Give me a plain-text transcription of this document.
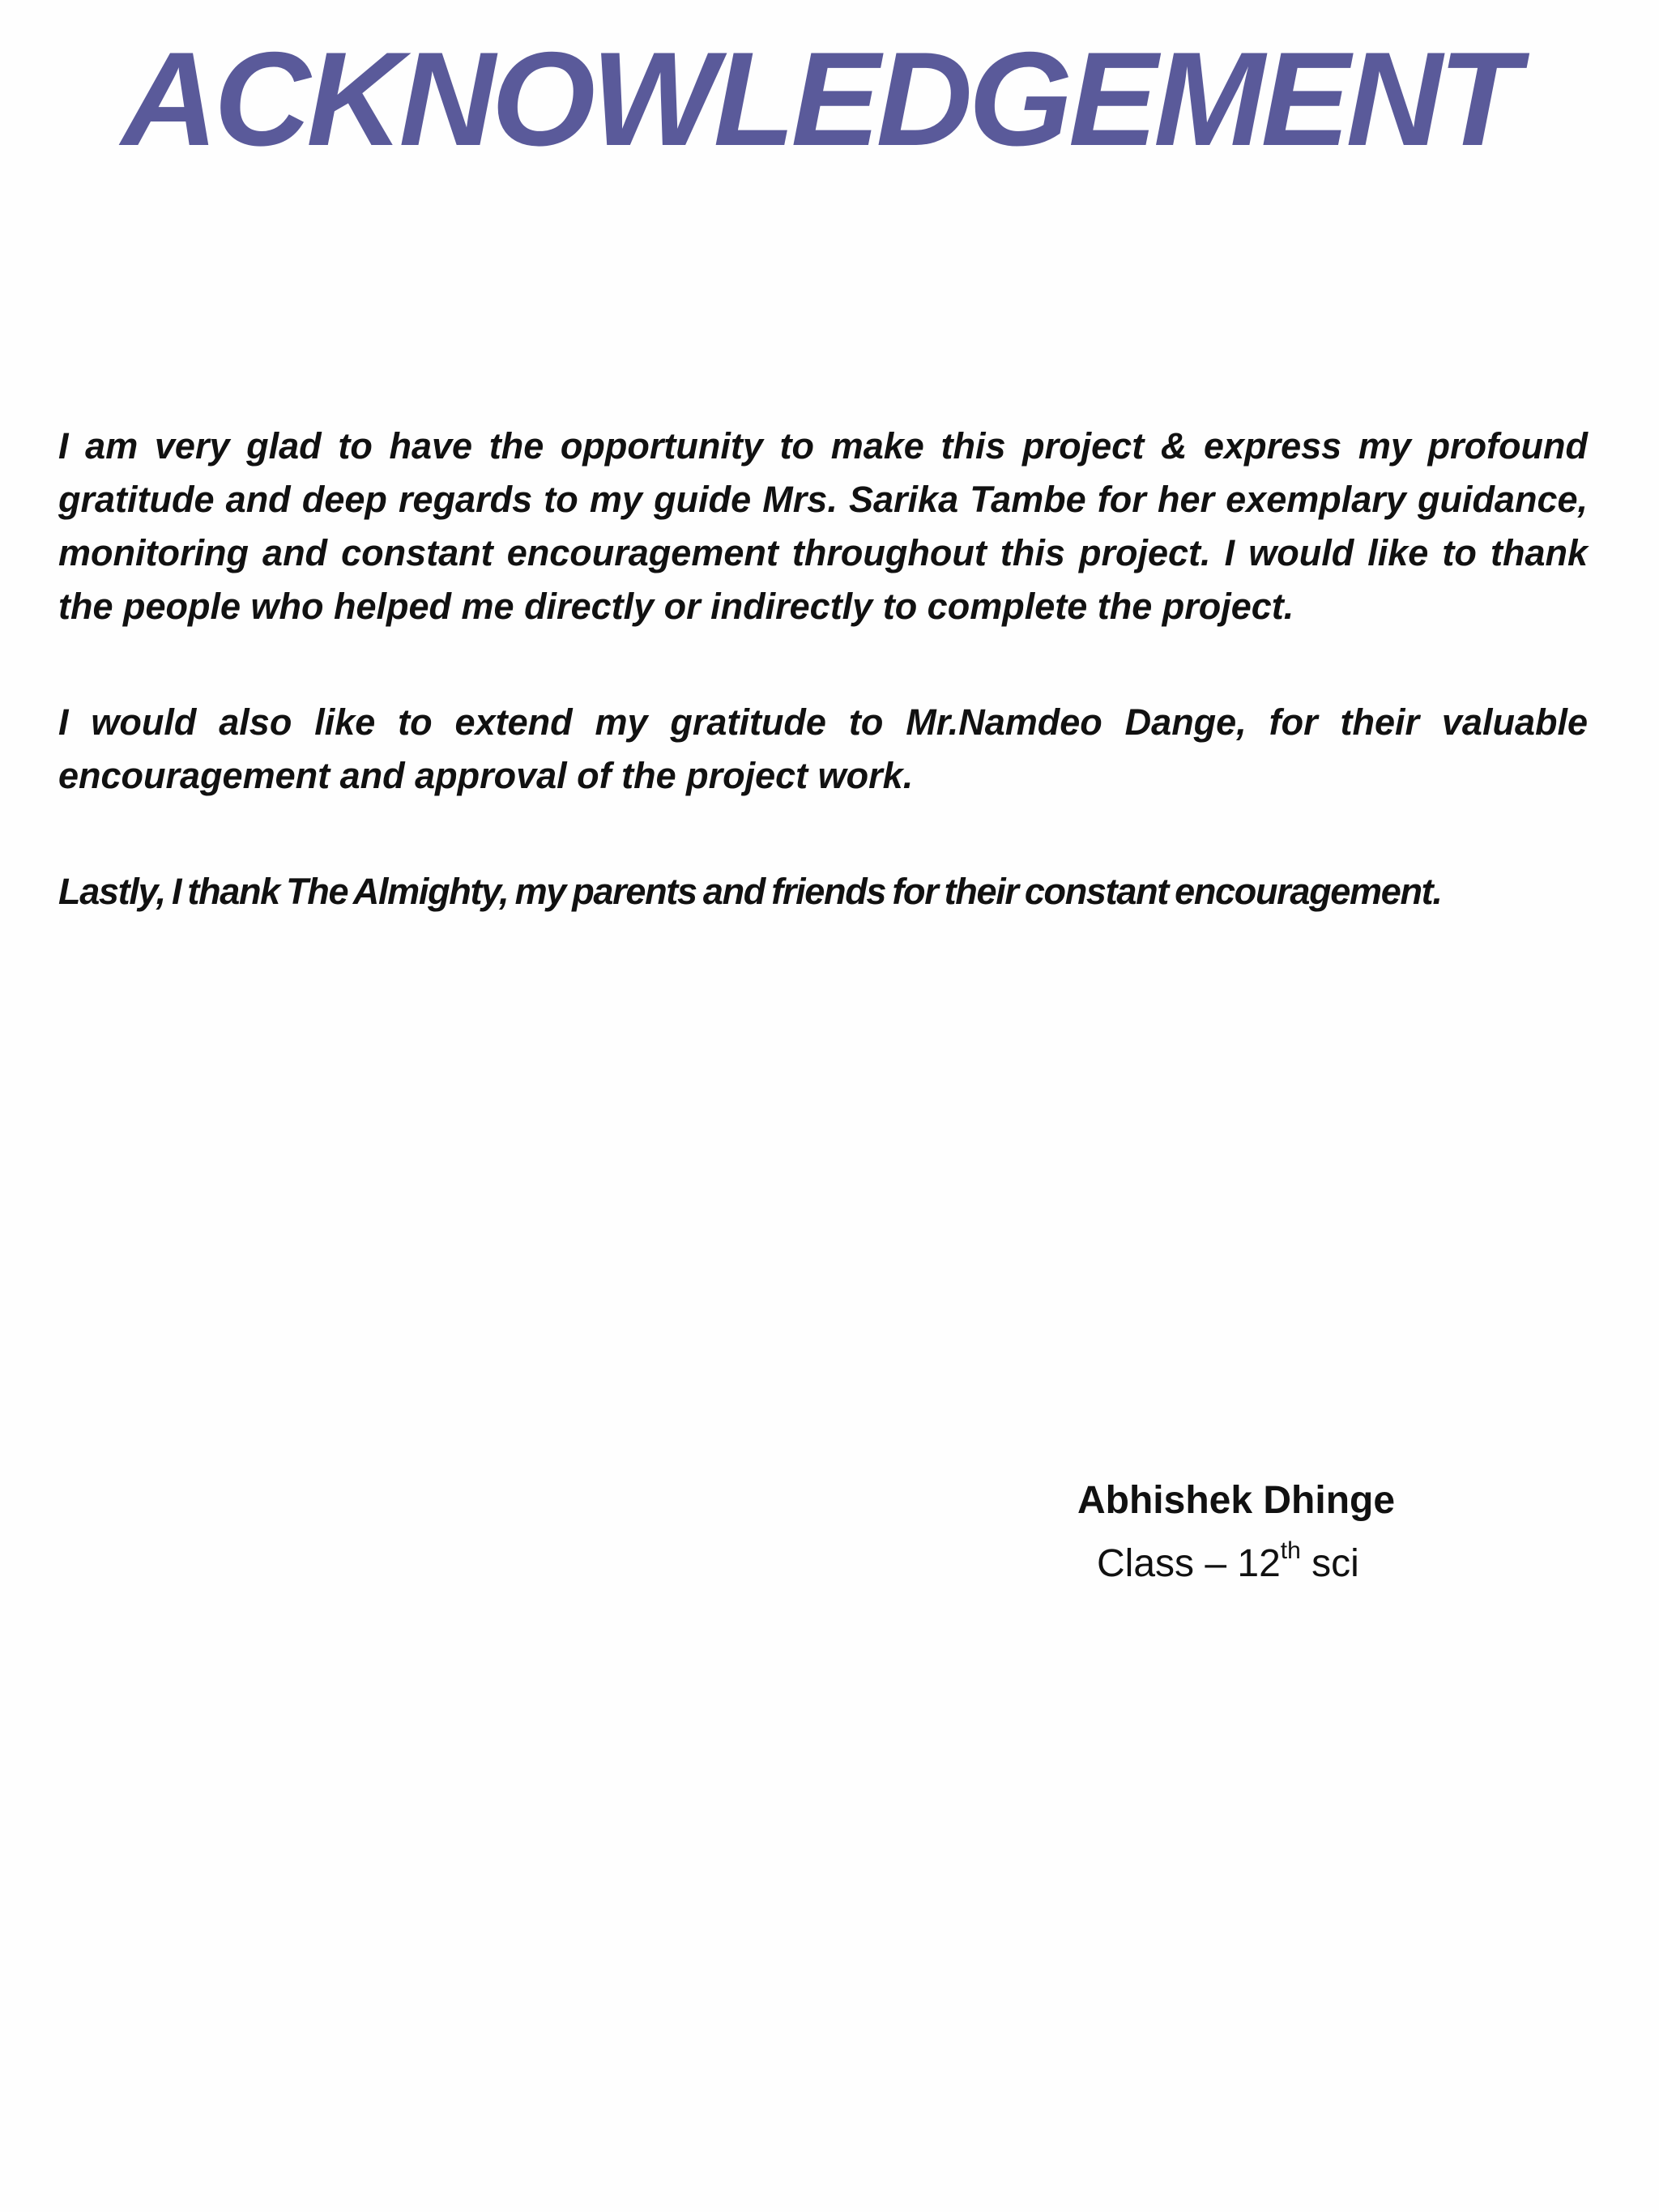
ACKNOWLEDGEMENT

I am very glad to have the opportunity to make this project & express my profound gratitude and deep regards to my guide Mrs. Sarika Tambe for her exemplary guidance, monitoring and constant encouragement throughout this project. I would like to thank the people who helped me directly or indirectly to complete the project.

I would also like to extend my gratitude to Mr.Namdeo Dange, for their valuable encouragement and approval of the project work.

Lastly, I thank The Almighty, my parents and friends for their constant encouragement.

Abhishek Dhinge

Class – 12th sci
